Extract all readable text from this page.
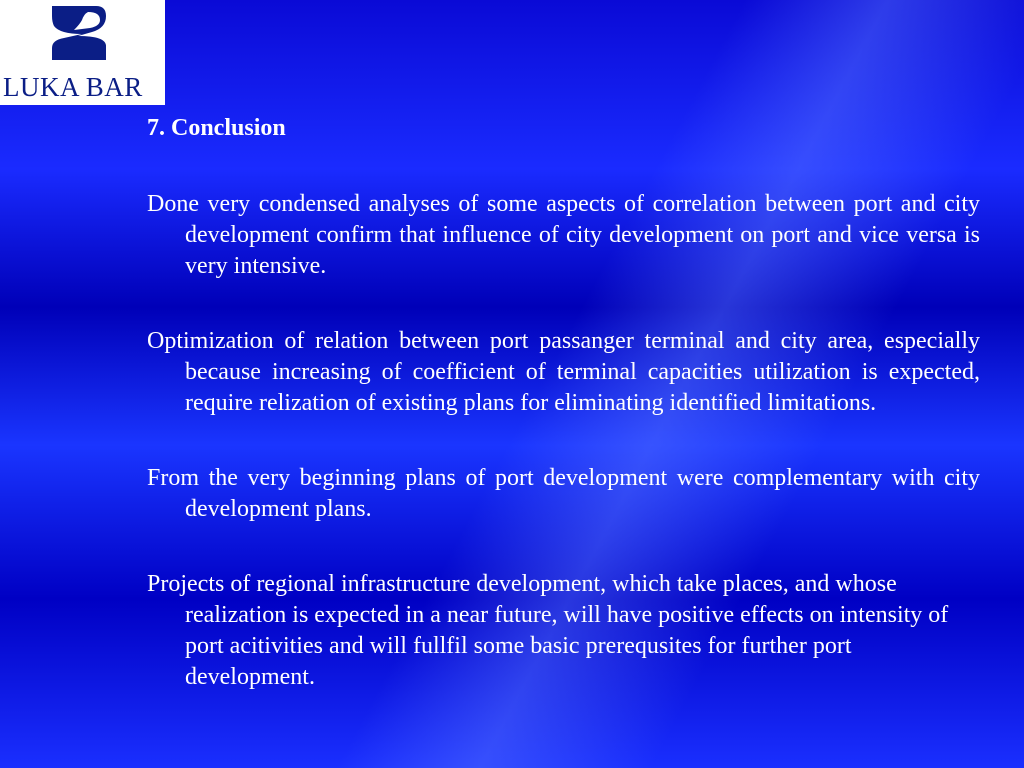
LUKA BAR
7. Conclusion

Done very condensed analyses of some aspects of correlation between port and city development confirm that influence of city development on port and vice versa is very intensive.

Optimization of relation between port passanger terminal and city area, especially because increasing of coefficient of terminal capacities utilization is expected, require relization of existing plans for eliminating identified limitations.

From the very beginning plans of port development were complementary with city development plans.

Projects of regional infrastructure development, which take places, and whose realization is expected in a near future, will have positive effects on intensity of port acitivities and will fullfil some basic prerequsites for further port development.
